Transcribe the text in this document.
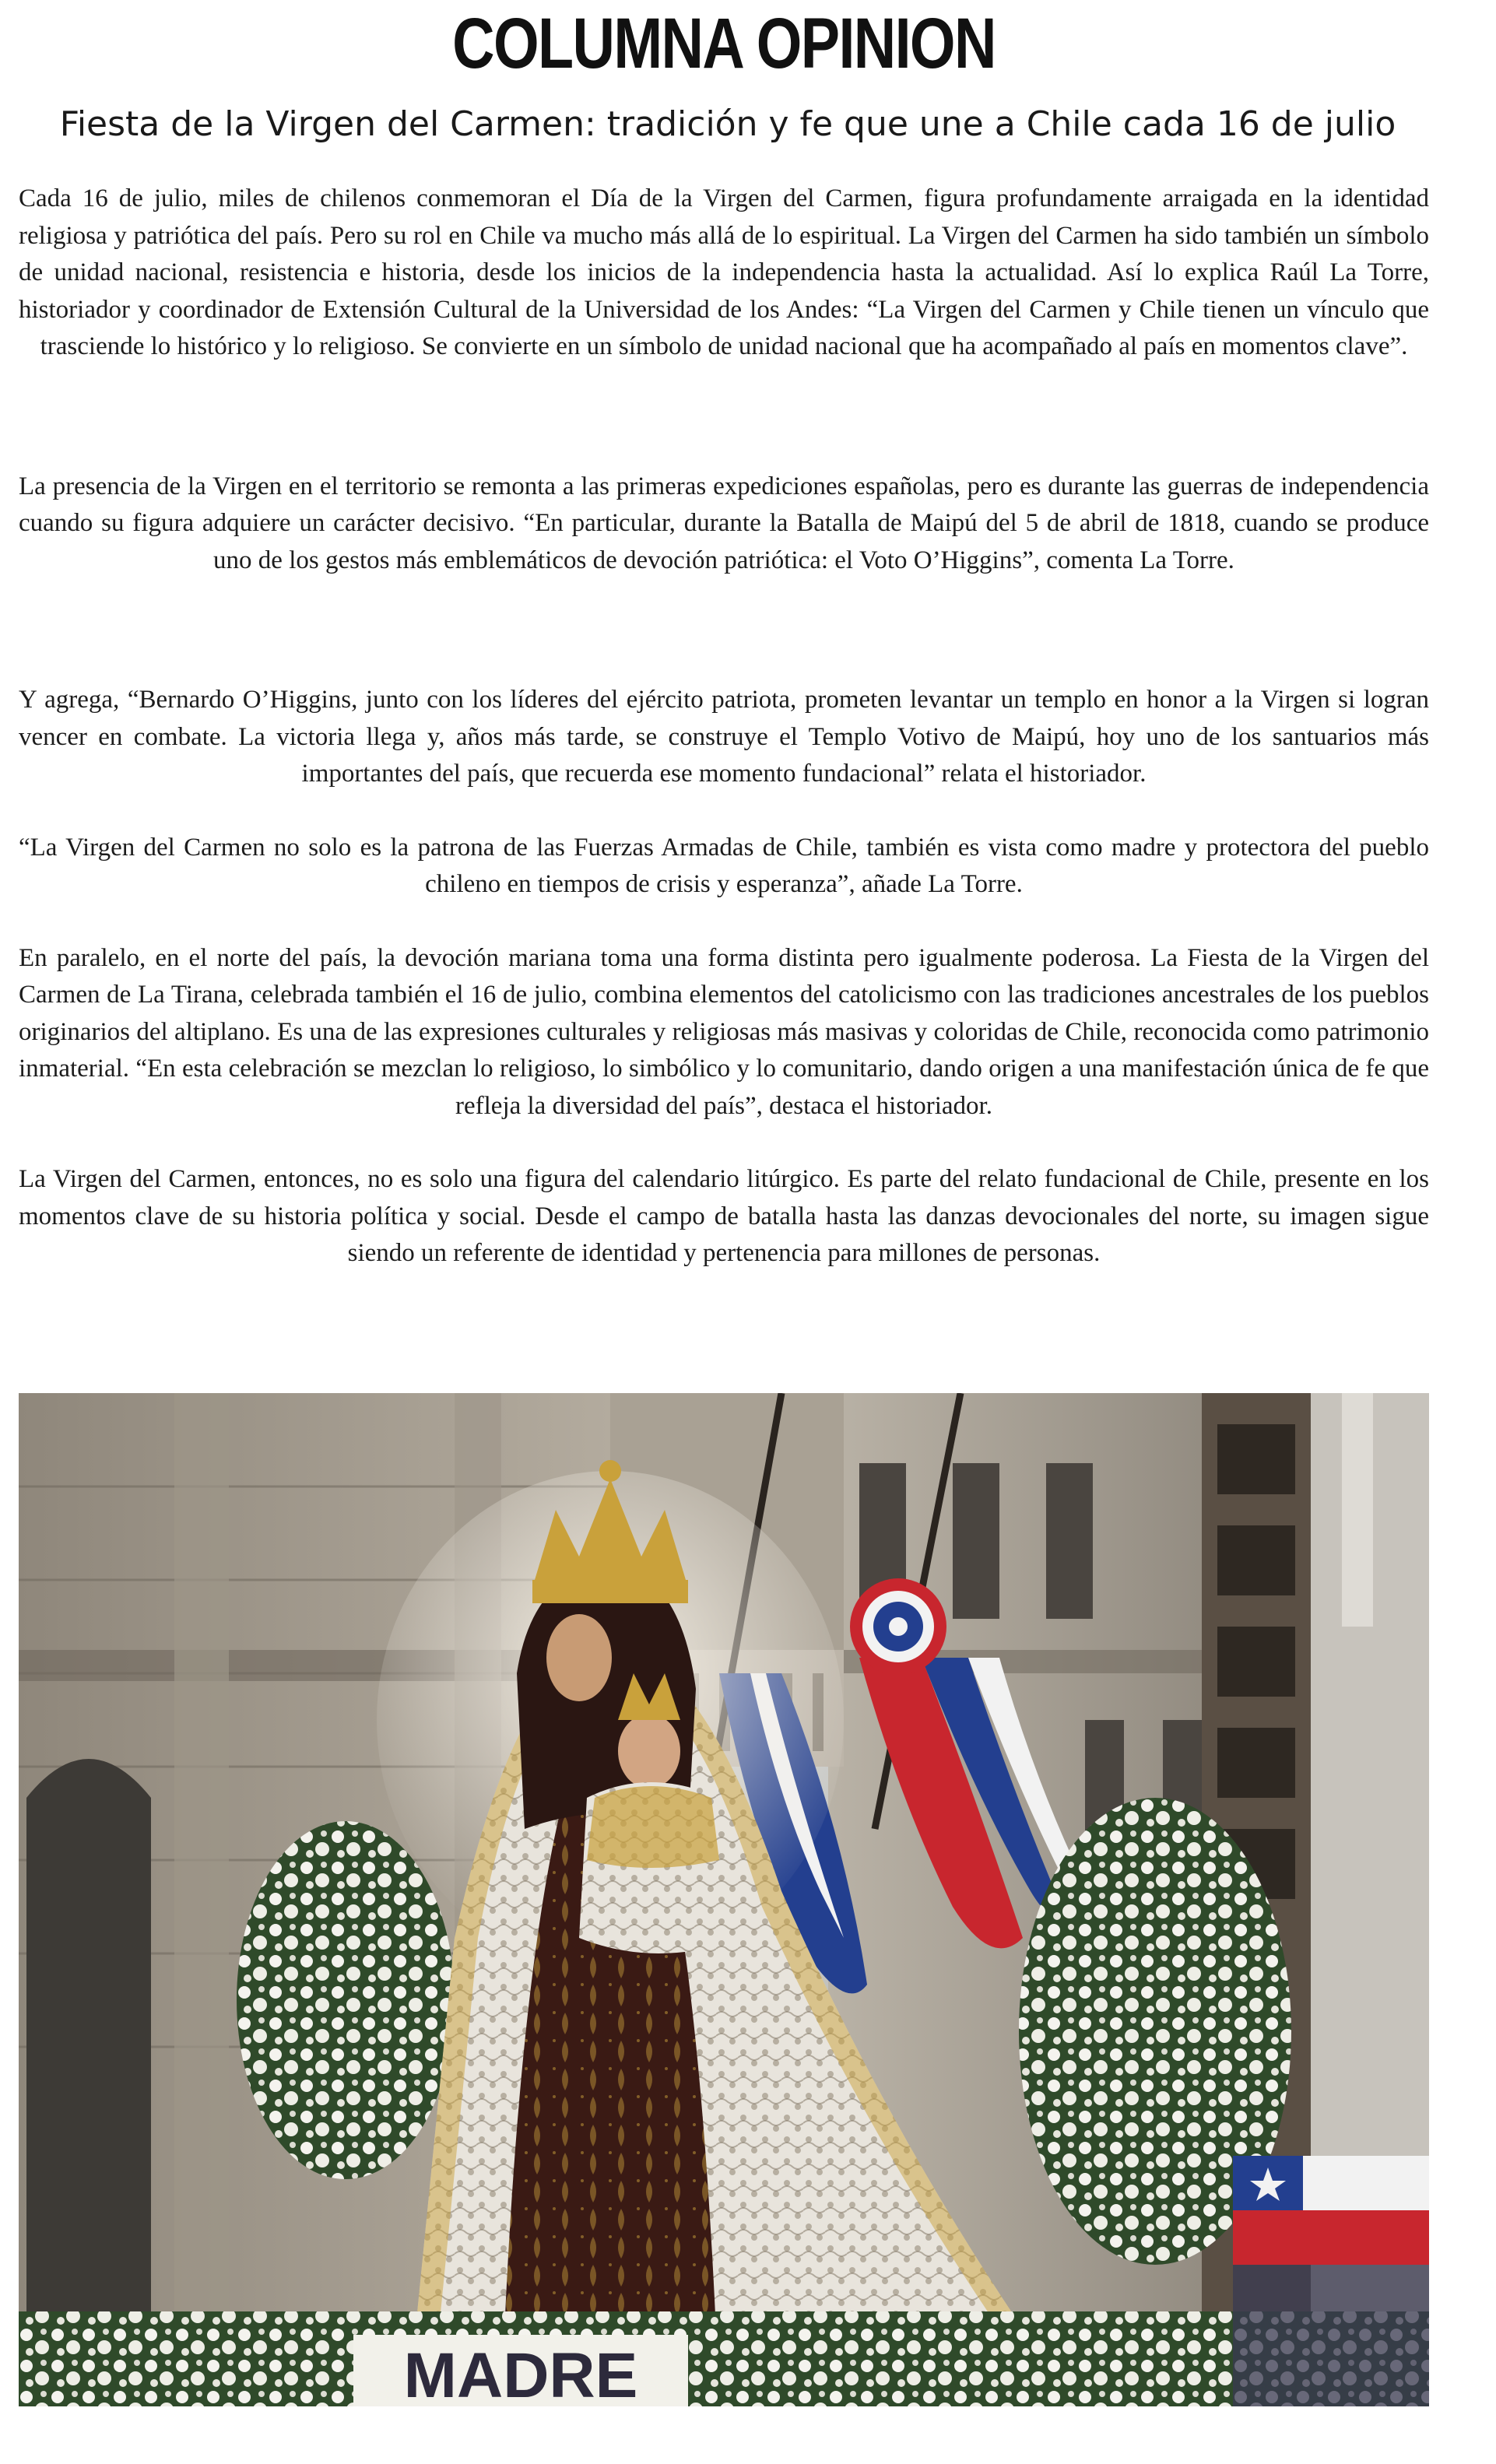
COLUMNA OPINION
Fiesta de la Virgen del Carmen: tradición y fe que une a Chile cada 16 de julio

Cada 16 de julio, miles de chilenos conmemoran el Día de la Virgen del Carmen, figura profundamente arraigada en la identidad religiosa y patriótica del país. Pero su rol en Chile va mucho más allá de lo espiritual. La Virgen del Carmen ha sido también un símbolo de unidad nacional, resistencia e historia, desde los inicios de la independencia hasta la actualidad. Así lo explica Raúl La Torre, historiador y coordinador de Extensión Cultural de la Universidad de los Andes: “La Virgen del Carmen y Chile tienen un vínculo que trasciende lo histórico y lo religioso. Se convierte en un símbolo de unidad nacional que ha acompañado al país en momentos clave”.

La presencia de la Virgen en el territorio se remonta a las primeras expediciones españolas, pero es durante las guerras de independencia cuando su figura adquiere un carácter decisivo. “En particular, durante la Batalla de Maipú del 5 de abril de 1818, cuando se produce uno de los gestos más emblemáticos de devoción patriótica: el Voto O’Higgins”, comenta La Torre.

Y agrega, “Bernardo O’Higgins, junto con los líderes del ejército patriota, prometen levantar un templo en honor a la Virgen si logran vencer en combate. La victoria llega y, años más tarde, se construye el Templo Votivo de Maipú, hoy uno de los santuarios más importantes del país, que recuerda ese momento fundacional” relata el historiador.

“La Virgen del Carmen no solo es la patrona de las Fuerzas Armadas de Chile, también es vista como madre y protectora del pueblo chileno en tiempos de crisis y esperanza”, añade La Torre.

En paralelo, en el norte del país, la devoción mariana toma una forma distinta pero igualmente poderosa. La Fiesta de la Virgen del Carmen de La Tirana, celebrada también el 16 de julio, combina elementos del catolicismo con las tradiciones ancestrales de los pueblos originarios del altiplano. Es una de las expresiones culturales y religiosas más masivas y coloridas de Chile, reconocida como patrimonio inmaterial. “En esta celebración se mezclan lo religioso, lo simbólico y lo comunitario, dando origen a una manifestación única de fe que refleja la diversidad del país”, destaca el historiador.

La Virgen del Carmen, entonces, no es solo una figura del calendario litúrgico. Es parte del relato fundacional de Chile, presente en los momentos clave de su historia política y social. Desde el campo de batalla hasta las danzas devocionales del norte, su imagen sigue siendo un referente de identidad y pertenencia para millones de personas.

MADRE
